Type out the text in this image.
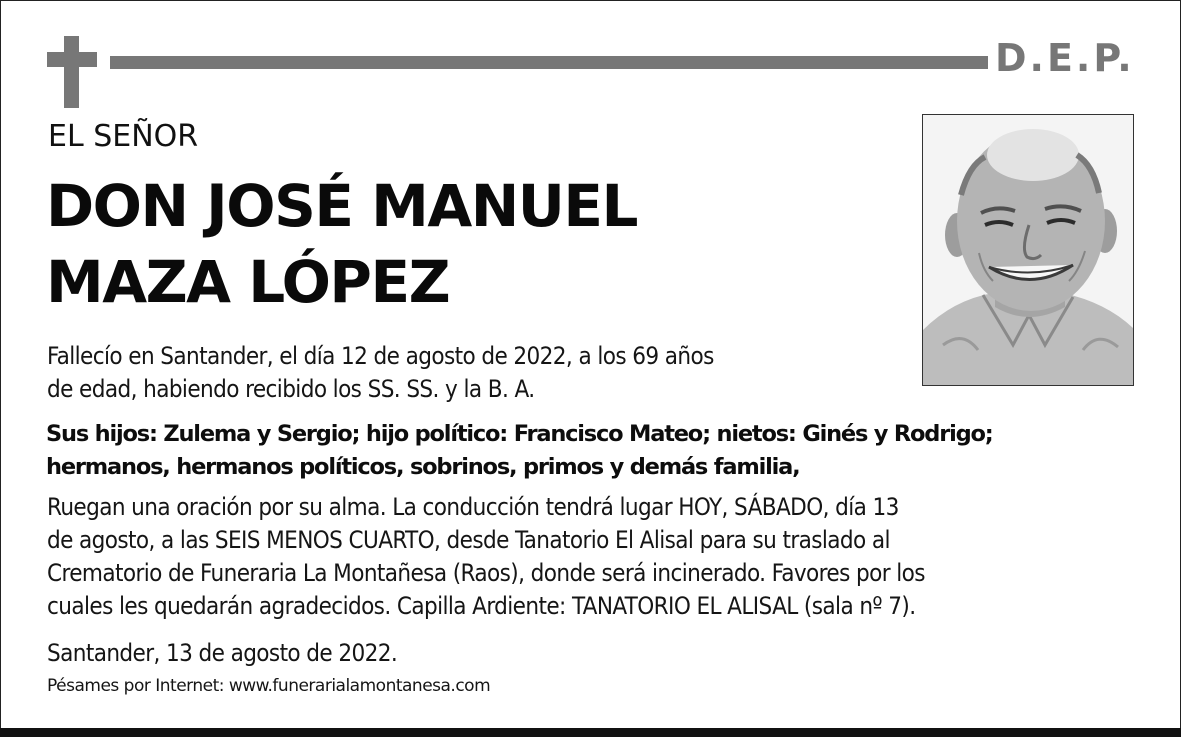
D.E.P.
EL SEÑOR
DON JOSÉ MANUEL
MAZA LÓPEZ
Fallecío en Santander, el día 12 de agosto de 2022, a los 69 años
de edad, habiendo recibido los SS. SS. y la B. A.
Sus hijos: Zulema y Sergio; hijo político: Francisco Mateo; nietos: Ginés y Rodrigo;
hermanos, hermanos políticos, sobrinos, primos y demás familia,
Ruegan una oración por su alma. La conducción tendrá lugar HOY, SÁBADO, día 13
de agosto, a las SEIS MENOS CUARTO, desde Tanatorio El Alisal para su traslado al
Crematorio de Funeraria La Montañesa (Raos), donde será incinerado. Favores por los
cuales les quedarán agradecidos. Capilla Ardiente: TANATORIO EL ALISAL (sala nº 7).
Santander, 13 de agosto de 2022.
Pésames por Internet: www.funerarialamontanesa.com
